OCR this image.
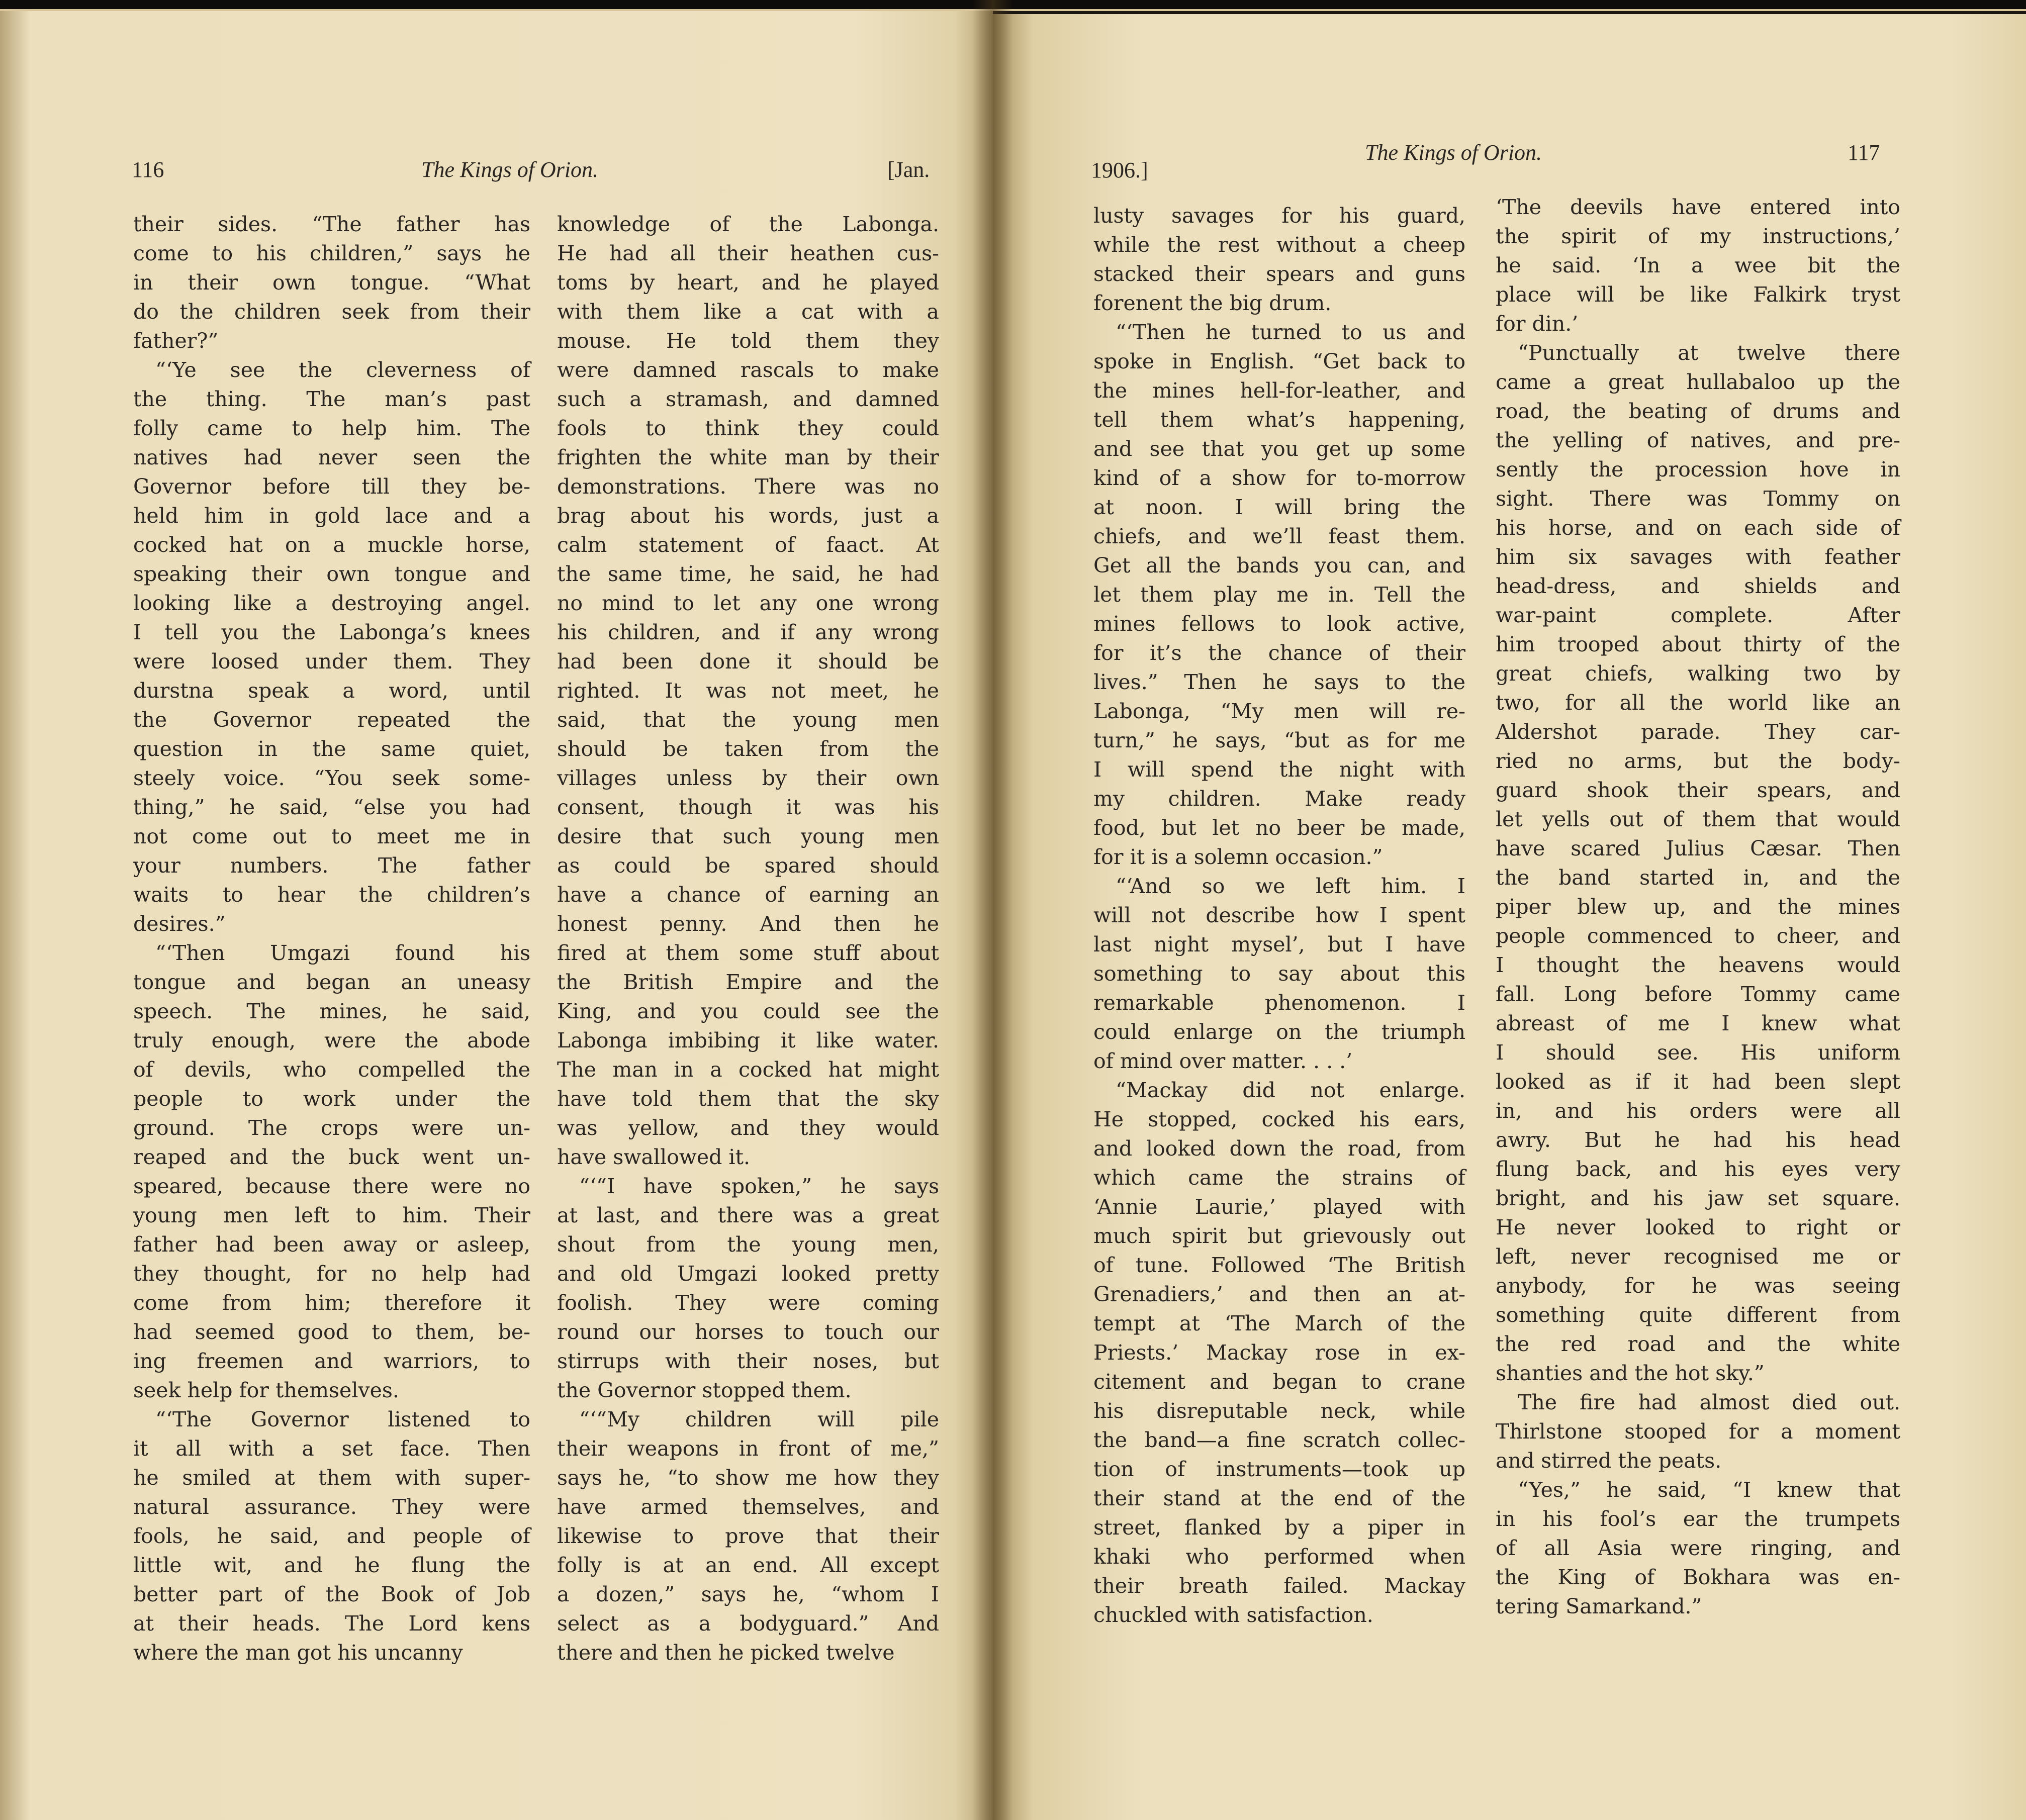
116	The Kings of Orion.	[Jan.
their sides. “The father has
come to his children,” says he
in their own tongue. “What
do the children seek from their
father?”
“‘Ye see the cleverness of
the thing. The man’s past
folly came to help him. The
natives had never seen the
Governor before till they be-
held him in gold lace and a
cocked hat on a muckle horse,
speaking their own tongue and
looking like a destroying angel.
I tell you the Labonga’s knees
were loosed under them. They
durstna speak a word, until
the Governor repeated the
question in the same quiet,
steely voice. “You seek some-
thing,” he said, “else you had
not come out to meet me in
your numbers. The father
waits to hear the children’s
desires.”
“‘Then Umgazi found his
tongue and began an uneasy
speech. The mines, he said,
truly enough, were the abode
of devils, who compelled the
people to work under the
ground. The crops were un-
reaped and the buck went un-
speared, because there were no
young men left to him. Their
father had been away or asleep,
they thought, for no help had
come from him; therefore it
had seemed good to them, be-
ing freemen and warriors, to
seek help for themselves.
“‘The Governor listened to
it all with a set face. Then
he smiled at them with super-
natural assurance. They were
fools, he said, and people of
little wit, and he flung the
better part of the Book of Job
at their heads. The Lord kens
where the man got his uncanny
knowledge of the Labonga.
He had all their heathen cus-
toms by heart, and he played
with them like a cat with a
mouse. He told them they
were damned rascals to make
such a stramash, and damned
fools to think they could
frighten the white man by their
demonstrations. There was no
brag about his words, just a
calm statement of faact. At
the same time, he said, he had
no mind to let any one wrong
his children, and if any wrong
had been done it should be
righted. It was not meet, he
said, that the young men
should be taken from the
villages unless by their own
consent, though it was his
desire that such young men
as could be spared should
have a chance of earning an
honest penny. And then he
fired at them some stuff about
the British Empire and the
King, and you could see the
Labonga imbibing it like water.
The man in a cocked hat might
have told them that the sky
was yellow, and they would
have swallowed it.
“‘“I have spoken,” he says
at last, and there was a great
shout from the young men,
and old Umgazi looked pretty
foolish. They were coming
round our horses to touch our
stirrups with their noses, but
the Governor stopped them.
“‘“My children will pile
their weapons in front of me,”
says he, “to show me how they
have armed themselves, and
likewise to prove that their
folly is at an end. All except
a dozen,” says he, “whom I
select as a bodyguard.” And
there and then he picked twelve
1906.]
The Kings of Orion.	117
lusty savages for his guard,
while the rest without a cheep
stacked their spears and guns
forenent the big drum.
“‘Then he turned to us and
spoke in English. “Get back to
the mines hell-for-leather, and
tell them what’s happening,
and see that you get up some
kind of a show for to-morrow
at noon. I will bring the
chiefs, and we’ll feast them.
Get all the bands you can, and
let them play me in. Tell the
mines fellows to look active,
for it’s the chance of their
lives.” Then he says to the
Labonga, “My men will re-
turn,” he says, “but as for me
I will spend the night with
my children. Make ready
food, but let no beer be made,
for it is a solemn occasion.”
“‘And so we left him. I
will not describe how I spent
last night mysel’, but I have
something to say about this
remarkable phenomenon. I
could enlarge on the triumph
of mind over matter. . . .’
“Mackay did not enlarge.
He stopped, cocked his ears,
and looked down the road, from
which came the strains of
‘Annie Laurie,’ played with
much spirit but grievously out
of tune. Followed ‘The British
Grenadiers,’ and then an at-
tempt at ‘The March of the
Priests.’ Mackay rose in ex-
citement and began to crane
his disreputable neck, while
the band—a fine scratch collec-
tion of instruments—took up
their stand at the end of the
street, flanked by a piper in
khaki who performed when
their breath failed. Mackay
chuckled with satisfaction.
‘The deevils have entered into
the spirit of my instructions,’
he said. ‘In a wee bit the
place will be like Falkirk tryst
for din.’
“Punctually at twelve there
came a great hullabaloo up the
road, the beating of drums and
the yelling of natives, and pre-
sently the procession hove in
sight. There was Tommy on
his horse, and on each side of
him six savages with feather
head-dress, and shields and
war-paint complete. After
him trooped about thirty of the
great chiefs, walking two by
two, for all the world like an
Aldershot parade. They car-
ried no arms, but the body-
guard shook their spears, and
let yells out of them that would
have scared Julius Cæsar. Then
the band started in, and the
piper blew up, and the mines
people commenced to cheer, and
I thought the heavens would
fall. Long before Tommy came
abreast of me I knew what
I should see. His uniform
looked as if it had been slept
in, and his orders were all
awry. But he had his head
flung back, and his eyes very
bright, and his jaw set square.
He never looked to right or
left, never recognised me or
anybody, for he was seeing
something quite different from
the red road and the white
shanties and the hot sky.”
The fire had almost died out.
Thirlstone stooped for a moment
and stirred the peats.
“Yes,” he said, “I knew that
in his fool’s ear the trumpets
of all Asia were ringing, and
the King of Bokhara was en-
tering Samarkand.”
